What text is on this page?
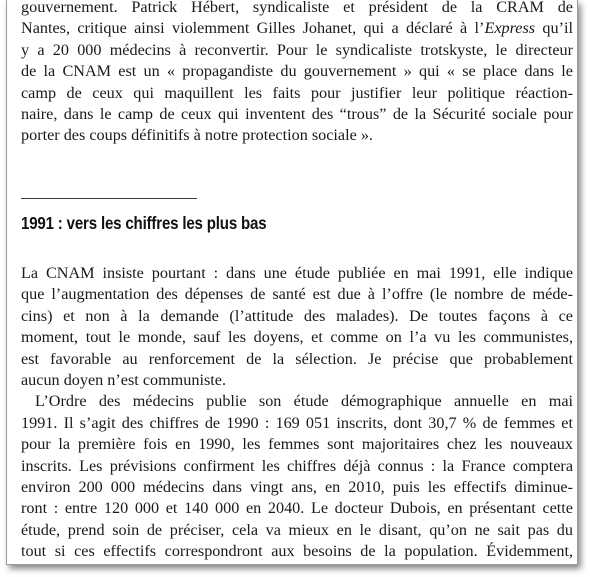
gouvernement. Patrick Hébert, syndicaliste et président de la CRAM de
Nantes, critique ainsi violemment Gilles Johanet, qui a déclaré à l’Express qu’il
y a 20 000 médecins à reconvertir. Pour le syndicaliste trotskyste, le directeur
de la CNAM est un « propagandiste du gouvernement » qui « se place dans le
camp de ceux qui maquillent les faits pour justifier leur politique réaction-
naire, dans le camp de ceux qui inventent des “trous” de la Sécurité sociale pour
porter des coups définitifs à notre protection sociale ».
1991 : vers les chiffres les plus bas
La CNAM insiste pourtant : dans une étude publiée en mai 1991, elle indique
que l’augmentation des dépenses de santé est due à l’offre (le nombre de méde-
cins) et non à la demande (l’attitude des malades). De toutes façons à ce
moment, tout le monde, sauf les doyens, et comme on l’a vu les communistes,
est favorable au renforcement de la sélection. Je précise que probablement
aucun doyen n’est communiste.
L’Ordre des médecins publie son étude démographique annuelle en mai
1991. Il s’agit des chiffres de 1990 : 169 051 inscrits, dont 30,7 % de femmes et
pour la première fois en 1990, les femmes sont majoritaires chez les nouveaux
inscrits. Les prévisions confirment les chiffres déjà connus : la France comptera
environ 200 000 médecins dans vingt ans, en 2010, puis les effectifs diminue-
ront : entre 120 000 et 140 000 en 2040. Le docteur Dubois, en présentant cette
étude, prend soin de préciser, cela va mieux en le disant, qu’on ne sait pas du
tout si ces effectifs correspondront aux besoins de la population. Évidemment,
